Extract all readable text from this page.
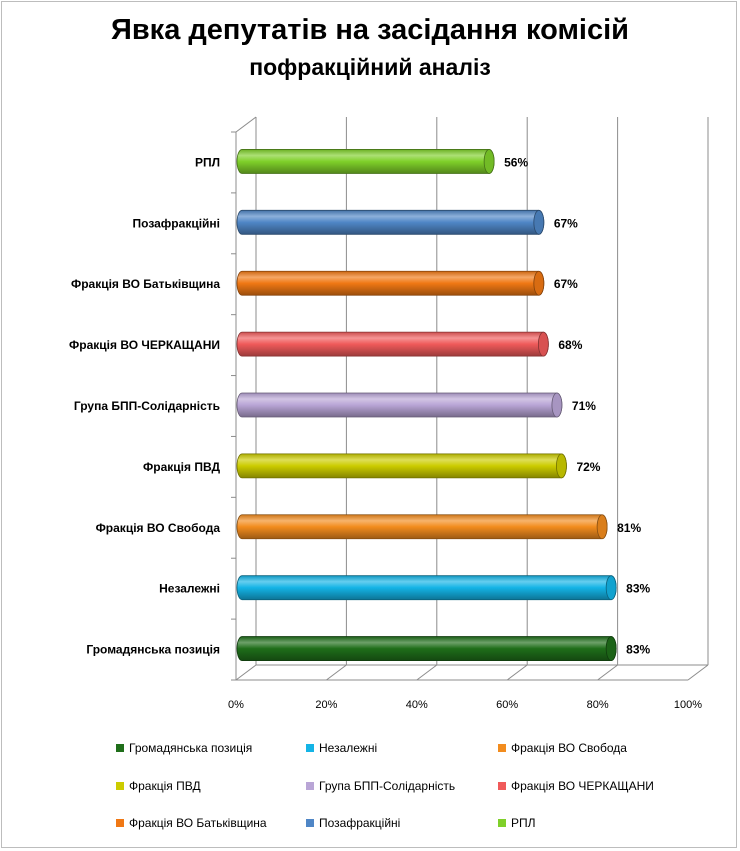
Явка депутатів на засідання комісій
пофракційний аналіз
0%	20%	40%	60%	80%	100%
56%
РПЛ
67%
Позафракційні
67%
Фракція ВО Батьківщина
68%
Фракція ВО ЧЕРКАЩАНИ
71%
Група БПП-Солідарність
72%
Фракція ПВД
81%
Фракція ВО Свобода
83%
Незалежні
83%
Громадянська позиція
Громадянська позиція	Незалежні	Фракція ВО Свобода
Фракція ПВД	Група БПП-Солідарність	Фракція ВО ЧЕРКАЩАНИ
Фракція ВО Батьківщина	Позафракційні	РПЛ
